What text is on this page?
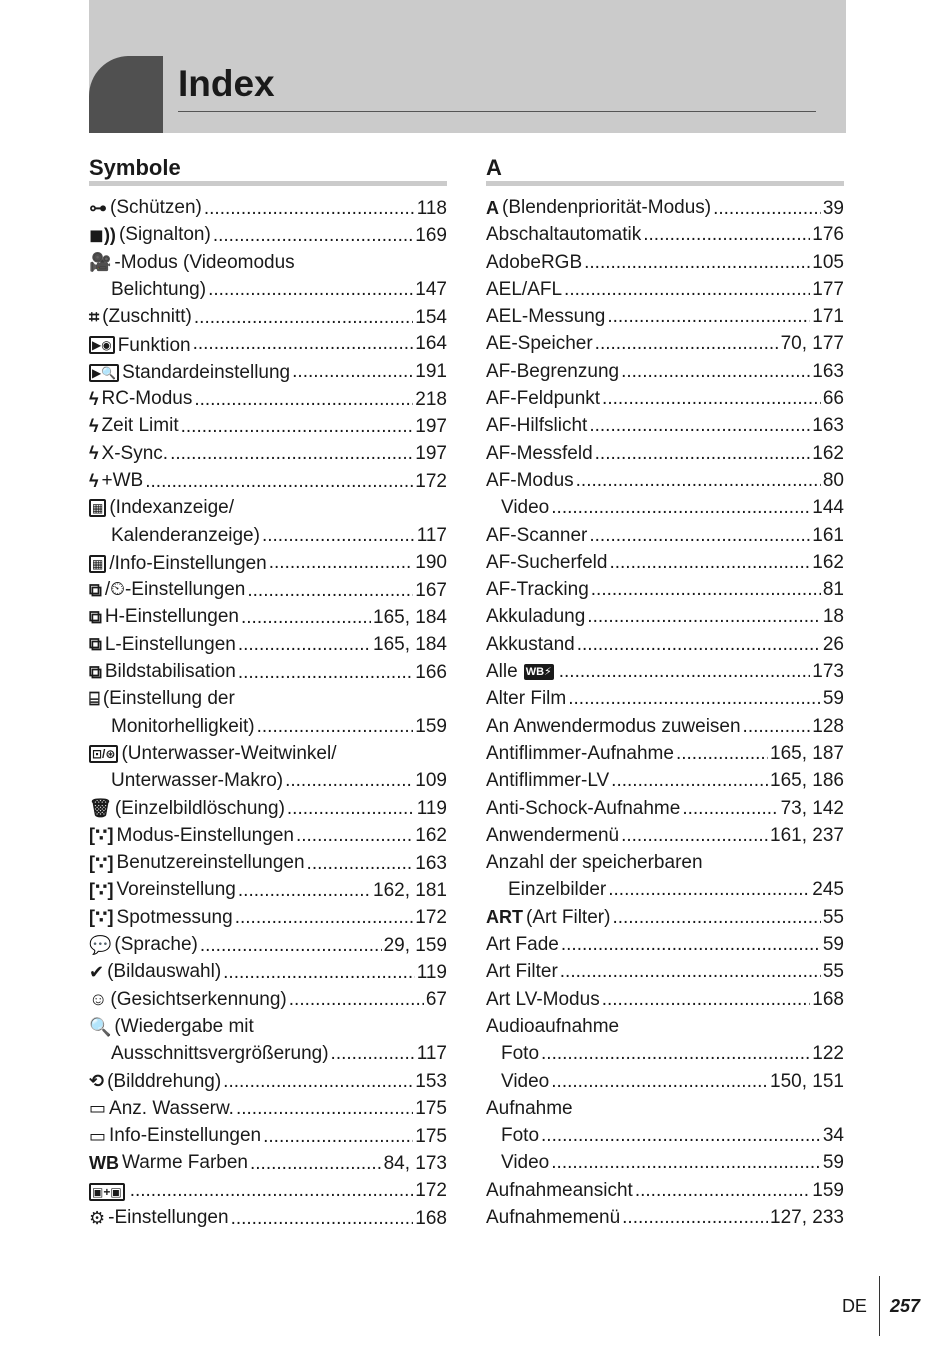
Index
Symbole
⊶ (Schützen) .....	118
◼)) (Signalton) .....	169
🎥 -Modus (Videomodus
Belichtung) .....	147
⌗ (Zuschnitt) .....	154
▶◉ Funktion .....	164
▶🔍 Standardeinstellung .....	191
ϟ RC-Modus .....	218
ϟ Zeit Limit .....	197
ϟ X-Sync. .....	197
ϟ +WB .....	172
▦ (Indexanzeige/
Kalenderanzeige) .....	117
▦ /Info-Einstellungen .....	190
⧉ /⏲-Einstellungen .....	167
⧉ H-Einstellungen .....	165, 184
⧉ L-Einstellungen .....	165, 184
⧉ Bildstabilisation .....	166
⌸ (Einstellung der
Monitorhelligkeit) .....	159
⊡/⊛ (Unterwasser-Weitwinkel/
Unterwasser-Makro) .....	109
🗑 (Einzelbildlöschung) .....	119
[∵] Modus-Einstellungen .....	162
[∵] Benutzereinstellungen .....	163
[∵] Voreinstellung .....	162, 181
[∵] Spotmessung .....	172
💬 (Sprache) .....	29, 159
✔ (Bildauswahl) .....	119
☺ (Gesichtserkennung) .....	67
🔍 (Wiedergabe mit
Ausschnittsvergrößerung) .....	117
⟲ (Bilddrehung) .....	153
▭ Anz. Wasserw. .....	175
▭ Info-Einstellungen .....	175
WB Warme Farben .....	84, 173
▣+▣ .....	172
⚙ -Einstellungen .....	168
A
A (Blendenpriorität-Modus) .....	39
Abschaltautomatik .....	176
AdobeRGB .....	105
AEL/AFL .....	177
AEL-Messung .....	171
AE-Speicher .....	70, 177
AF-Begrenzung .....	163
AF-Feldpunkt .....	66
AF-Hilfslicht .....	163
AF-Messfeld .....	162
AF-Modus .....	80
Video .....	144
AF-Scanner .....	161
AF-Sucherfeld .....	162
AF-Tracking .....	81
Akkuladung .....	18
Akkustand .....	26
Alle WB⚡ .....	173
Alter Film .....	59
An Anwendermodus zuweisen .....	128
Antiflimmer-Aufnahme .....	165, 187
Antiflimmer-LV .....	165, 186
Anti-Schock-Aufnahme .....	73, 142
Anwendermenü .....	161, 237
Anzahl der speicherbaren
Einzelbilder .....	245
ART (Art Filter) .....	55
Art Fade .....	59
Art Filter .....	55
Art LV-Modus .....	168
Audioaufnahme
Foto .....	122
Video .....	150, 151
Aufnahme
Foto .....	34
Video .....	59
Aufnahmeansicht .....	159
Aufnahmemenü .....	127, 233
DE 257
